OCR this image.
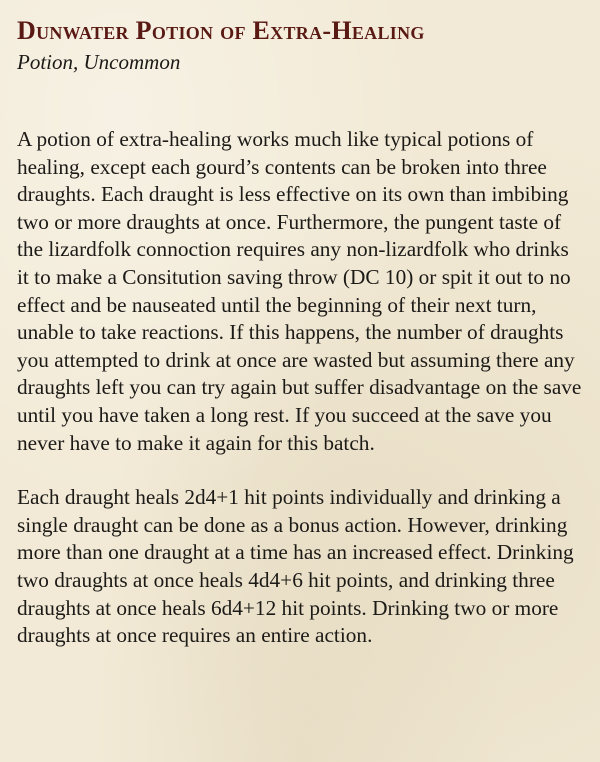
Dunwater Potion of Extra-Healing

Potion, Uncommon

A potion of extra-healing works much like typical potions of healing, except each gourd’s contents can be broken into three draughts. Each draught is less effective on its own than imbibing two or more draughts at once. Furthermore, the pungent taste of the lizardfolk connoction requires any non-lizardfolk who drinks it to make a Consitution saving throw (DC 10) or spit it out to no effect and be nauseated until the beginning of their next turn, unable to take reactions. If this happens, the number of draughts you attempted to drink at once are wasted but assuming there any draughts left you can try again but suffer disadvantage on the save until you have taken a long rest. If you succeed at the save you never have to make it again for this batch.

Each draught heals 2d4+1 hit points individually and drinking a single draught can be done as a bonus action. However, drinking more than one draught at a time has an increased effect. Drinking two draughts at once heals 4d4+6 hit points, and drinking three draughts at once heals 6d4+12 hit points. Drinking two or more draughts at once requires an entire action.
